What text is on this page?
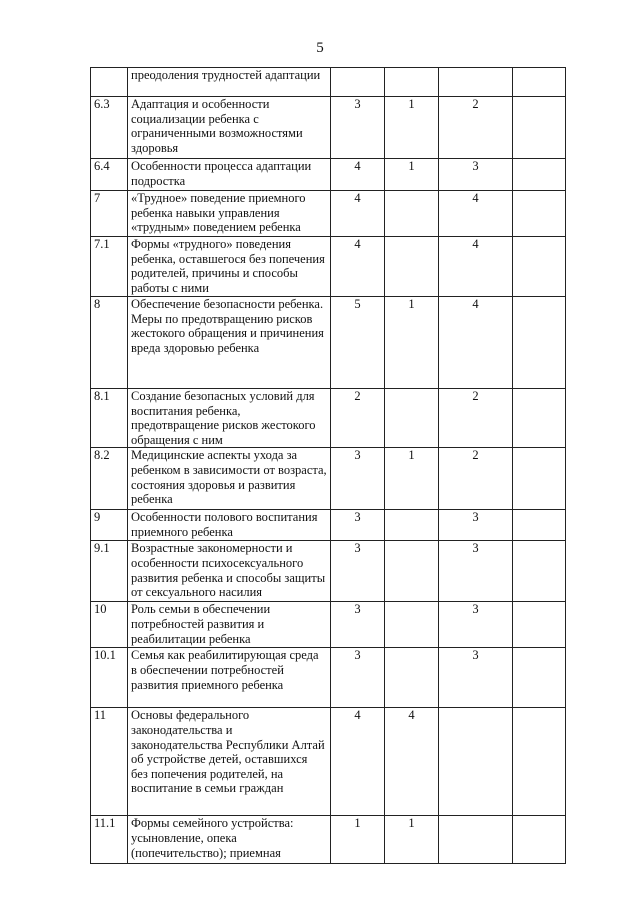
5
	преодоления трудностей адаптации				
6.3	Адаптация и особенности социализации ребенка с ограниченными возможностями здоровья	3	1	2	
6.4	Особенности процесса адаптации подростка	4	1	3	
7	«Трудное» поведение приемного ребенка навыки управления «трудным» поведением ребенка	4		4	
7.1	Формы «трудного» поведения ребенка, оставшегося без попечения родителей, причины и способы работы с ними	4		4	
8	Обеспечение безопасности ребенка. Меры по предотвращению рисков жестокого обращения и причинения вреда здоровью ребенка	5	1	4	
8.1	Создание безопасных условий для воспитания ребенка, предотвращение рисков жестокого обращения с ним	2		2	
8.2	Медицинские аспекты ухода за ребенком в зависимости от возраста, состояния здоровья и развития ребенка	3	1	2	
9	Особенности полового воспитания приемного ребенка	3		3	
9.1	Возрастные закономерности и особенности психосексуального развития ребенка и способы защиты от сексуального насилия	3		3	
10	Роль семьи в обеспечении потребностей развития и реабилитации ребенка	3		3	
10.1	Семья как реабилитирующая среда в обеспечении потребностей развития приемного ребенка	3		3	
11	Основы федерального законодательства и законодательства Республики Алтай об устройстве детей, оставшихся без попечения родителей, на воспитание в семьи граждан	4	4		
11.1	Формы семейного устройства: усыновление, опека (попечительство); приемная	1	1		
